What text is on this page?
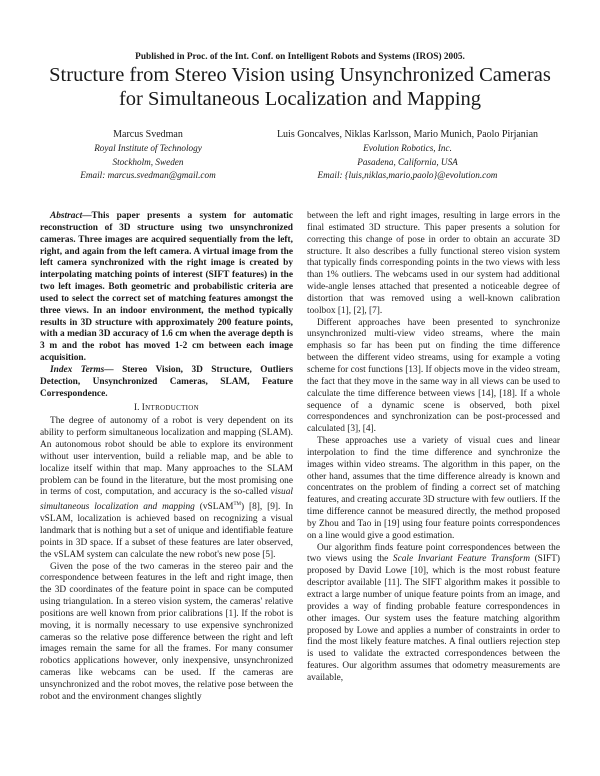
Published in Proc. of the Int. Conf. on Intelligent Robots and Systems (IROS) 2005.
Structure from Stereo Vision using Unsynchronized Cameras
for Simultaneous Localization and Mapping
Marcus Svedman
Royal Institute of Technology
Stockholm, Sweden
Email: marcus.svedman@gmail.com
Luis Goncalves, Niklas Karlsson, Mario Munich, Paolo Pirjanian
Evolution Robotics, Inc.
Pasadena, California, USA
Email: {luis,niklas,mario,paolo}@evolution.com

Abstract—This paper presents a system for automatic reconstruction of 3D structure using two unsynchronized cameras. Three images are acquired sequentially from the left, right, and again from the left camera. A virtual image from the left camera synchronized with the right image is created by interpolating matching points of interest (SIFT features) in the two left images. Both geometric and probabilistic criteria are used to select the correct set of matching features amongst the three views. In an indoor environment, the method typically results in 3D structure with approximately 200 feature points, with a median 3D accuracy of 1.6 cm when the average depth is 3 m and the robot has moved 1-2 cm between each image acquisition.

Index Terms— Stereo Vision, 3D Structure, Outliers Detection, Unsynchronized Cameras, SLAM, Feature Correspondence.

I. Introduction

The degree of autonomy of a robot is very dependent on its ability to perform simultaneous localization and mapping (SLAM). An autonomous robot should be able to explore its environment without user intervention, build a reliable map, and be able to localize itself within that map. Many approaches to the SLAM problem can be found in the literature, but the most promising one in terms of cost, computation, and accuracy is the so-called visual simultaneous localization and mapping (vSLAM™) [8], [9]. In vSLAM, localization is achieved based on recognizing a visual landmark that is nothing but a set of unique and identifiable feature points in 3D space. If a subset of these features are later observed, the vSLAM system can calculate the new robot's new pose [5].

Given the pose of the two cameras in the stereo pair and the correspondence between features in the left and right image, then the 3D coordinates of the feature point in space can be computed using triangulation. In a stereo vision system, the cameras' relative positions are well known from prior calibrations [1]. If the robot is moving, it is normally necessary to use expensive synchronized cameras so the relative pose difference between the right and left images remain the same for all the frames. For many consumer robotics applications however, only inexpensive, unsynchronized cameras like webcams can be used. If the cameras are unsynchronized and the robot moves, the relative pose between the robot and the environment changes slightly

between the left and right images, resulting in large errors in the final estimated 3D structure. This paper presents a solution for correcting this change of pose in order to obtain an accurate 3D structure. It also describes a fully functional stereo vision system that typically finds corresponding points in the two views with less than 1% outliers. The webcams used in our system had additional wide-angle lenses attached that presented a noticeable degree of distortion that was removed using a well-known calibration toolbox [1], [2], [7].

Different approaches have been presented to synchronize unsynchronized multi-view video streams, where the main emphasis so far has been put on finding the time difference between the different video streams, using for example a voting scheme for cost functions [13]. If objects move in the video stream, the fact that they move in the same way in all views can be used to calculate the time difference between views [14], [18]. If a whole sequence of a dynamic scene is observed, both pixel correspondences and synchronization can be post-processed and calculated [3], [4].

These approaches use a variety of visual cues and linear interpolation to find the time difference and synchronize the images within video streams. The algorithm in this paper, on the other hand, assumes that the time difference already is known and concentrates on the problem of finding a correct set of matching features, and creating accurate 3D structure with few outliers. If the time difference cannot be measured directly, the method proposed by Zhou and Tao in [19] using four feature points correspondences on a line would give a good estimation.

Our algorithm finds feature point correspondences between the two views using the Scale Invariant Feature Transform (SIFT) proposed by David Lowe [10], which is the most robust feature descriptor available [11]. The SIFT algorithm makes it possible to extract a large number of unique feature points from an image, and provides a way of finding probable feature correspondences in other images. Our system uses the feature matching algorithm proposed by Lowe and applies a number of constraints in order to find the most likely feature matches. A final outliers rejection step is used to validate the extracted correspondences between the features. Our algorithm assumes that odometry measurements are available,
